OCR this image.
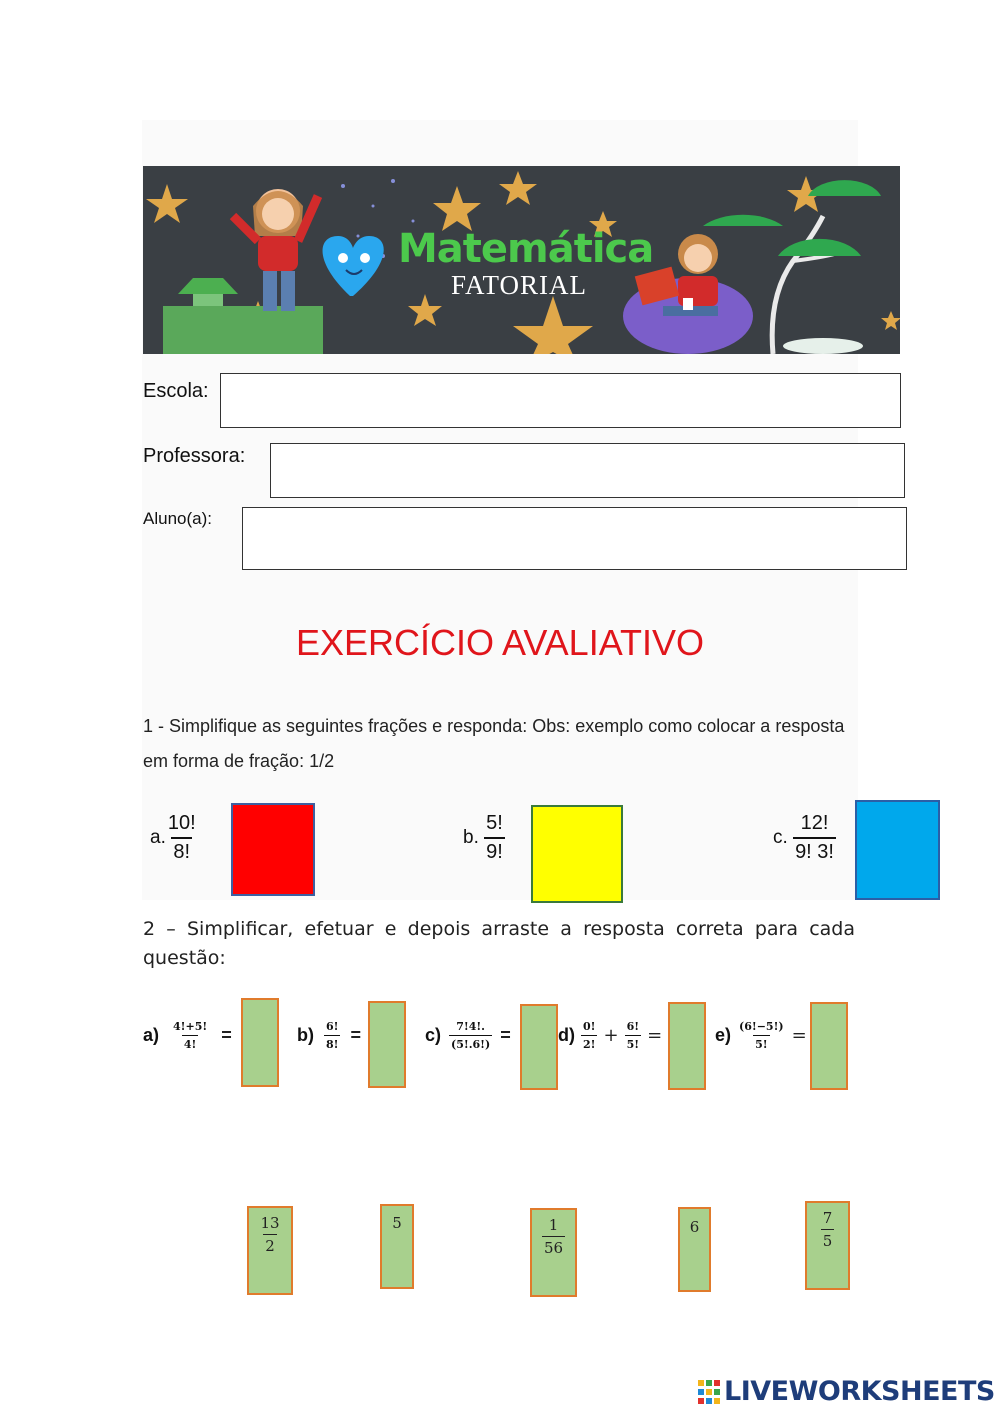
Matemática
FATORIAL
Escola:
Professora:
Aluno(a):
EXERCÍCIO AVALIATIVO
1 - Simplifique as seguintes frações e responda: Obs: exemplo como colocar a resposta em forma de fração: 1/2
a. $\frac{10!}{8!}$	b. $\frac{5!}{9!}$	c. $\frac{12!}{9! 3!}$
2 – Simplificar, efetuar e depois arraste a resposta correta para cada questão:
$a) \frac{4!+5!}{4!}$ =	$b) \frac{6!}{8!}$ =	$c) \frac{7!4!.}{(5!.6!)}$ =	$d) \frac{0!}{2!} + \frac{6!}{5!}$ =	$e) \frac{(6!-5!)}{5!}$ =
$\frac{13}{2}$	5	$\frac{1}{56}$	6	$\frac{7}{5}$
LIVEWORKSHEETS
